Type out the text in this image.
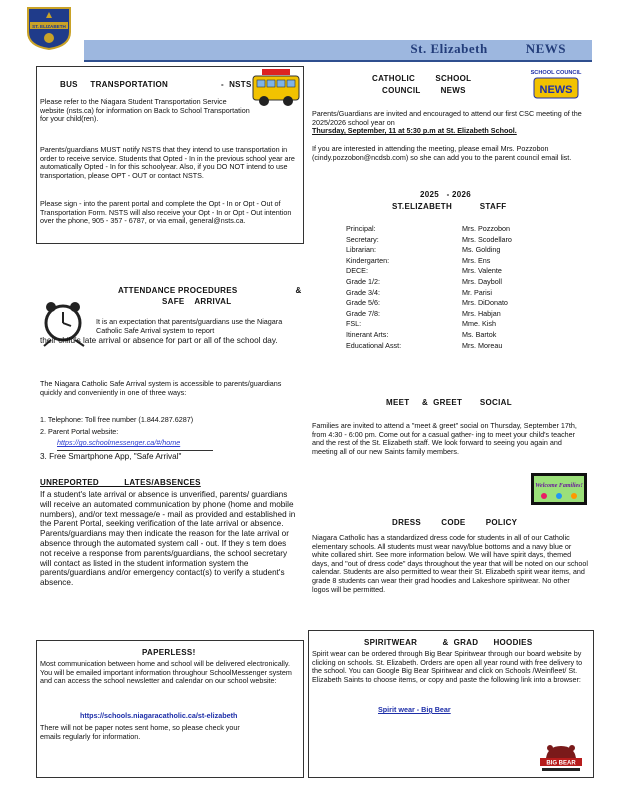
ST. ELIZABETH
St. Elizabeth	NEWS
BUS     TRANSPORTATION                     -  NSTS

Please refer to the Niagara Student Transportation Service website (nsts.ca) for information on Back to School Transportation for your child(ren).

Parents/guardians MUST notify NSTS that they intend to use transportation in order to receive service. Students that Opted - In in the previous school year are automatically Opted - In for this schoolyear. Also, if you DO NOT intend to use transportation, please OPT - OUT or contact NSTS.

Please sign - into the parent portal and complete the Opt - In or Opt - Out of Transportation Form. NSTS will also receive your Opt - In or Opt - Out intention over the phone, 905 - 357 - 6787, or via email, general@nsts.ca.

ATTENDANCE PROCEDURES                       &
SAFE    ARRIVAL

It is an expectation that parents/guardians use the Niagara Catholic Safe Arrival system to report

their child's late arrival or absence for part or all of the school day.

The Niagara Catholic Safe Arrival system is accessible to parents/guardians quickly and conveniently in one of three ways:

1. Telephone: Toll free number (1.844.287.6287)

2. Parent Portal website:

https://go.schoolmessenger.ca/#/home

3. Free Smartphone App, "Safe Arrival"

UNREPORTED          LATES/ABSENCES

If a student's late arrival or absence is unverified, parents/ guardians will receive an automated communication by phone (home and mobile numbers), and/or text message/e - mail as provided and established in the Parent Portal, seeking verification of the late arrival or absence. Parents/guardians may then indicate the reason for the late arrival or absence through the automated system call - out. If they s tem does not receive a response from parents/guardians, the school secretary will contact as listed in the student information system the parents/guardians and/or emergency contact(s) to verify a student's absence.

PAPERLESS!

Most communication between home and school will be delivered electronically. You will be emailed important information throughour SchoolMessenger system and can access the school newsletter and calendar on our school website:

https://schools.niagaracatholic.ca/st-elizabeth

There will not be paper notes sent home, so please check your emails regularly for information.

SCHOOL COUNCIL
NEWS
CATHOLIC        SCHOOL
COUNCIL        NEWS

Parents/Guardians are invited and encouraged to attend our first CSC meeting of the 2025/2026 school year on

Thursday, September, 11 at 5:30 p.m at St. Elizabeth School.

If you are interested in attending the meeting, please email Mrs. Pozzobon (cindy.pozzobon@ncdsb.com) so she can add you to the parent council email list.

2025   - 2026
ST.ELIZABETH           STAFF
Principal:	Mrs. Pozzobon
Secretary:	Mrs. Scodellaro
Librarian:	Ms. Golding
Kindergarten:	Mrs. Ens
DECE:	Mrs. Valente
Grade 1/2:	Mrs. Dayboll
Grade 3/4:	Mr. Parisi
Grade 5/6:	Mrs. DiDonato
Grade 7/8:	Mrs. Habjan
FSL:	Mme. Kish
Itinerant Arts:	Ms. Bartok
Educational Asst:	Mrs. Moreau
MEET     &  GREET       SOCIAL

Families are invited to attend a "meet & greet" social on Thursday, September 17th, from 4:30 - 6:00 pm. Come out for a casual gather- ing to meet your child's teacher and the rest of the St. Elizabeth staff. We look forward to seeing you again and meeting all of our new Saints family members.

Welcome Families!
DRESS        CODE        POLICY

Niagara Catholic has a standardized dress code for students in all of our Catholic elementary schools. All students must wear navy/blue bottoms and a navy blue or white collared shirt. See more information below. We will have spirit days, themed days, and "out of dress code" days throughout the year that will be noted on our school calendar. Students are also permitted to wear their St. Elizabeth spirit wear items, and grade 8 students can wear their grad hoodies and Lakeshore spiritwear. No other logos will be permitted.

SPIRITWEAR          &  GRAD      HOODIES

Spirit wear can be ordered through Big Bear Spiritwear through our board website by clicking on schools. St. Elizabeth. Orders are open all year round with free delivery to the school. You can Google Big Bear Spiritwear and click on Schools /Weinfleet/ St. Elizabeth Saints to choose items, or copy and paste the following link into a browser:

Spirit wear - Big Bear
BIG BEAR
